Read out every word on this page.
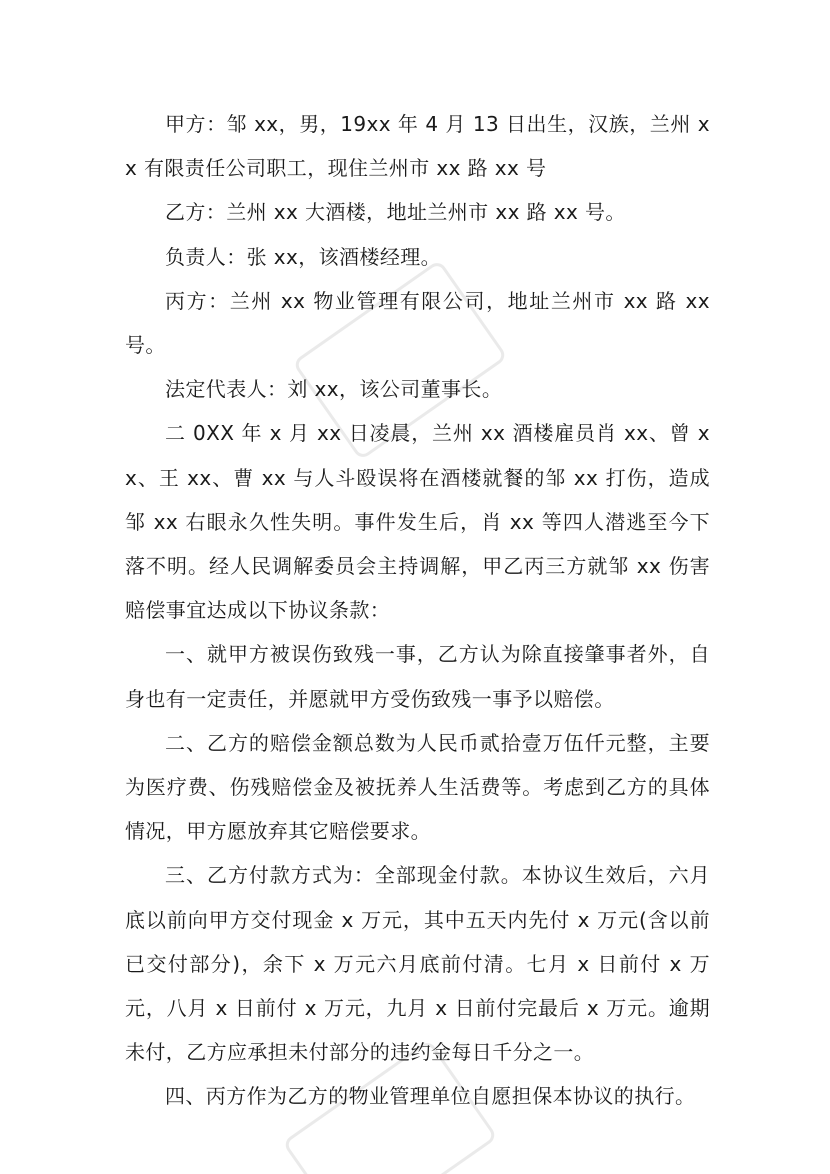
甲方：邹 xx，男，19xx 年 4 月 13 日出生，汉族，兰州 xx 有限责任公司职工，现住兰州市 xx 路 xx 号

乙方：兰州 xx 大酒楼，地址兰州市 xx 路 xx 号。

负责人：张 xx，该酒楼经理。

丙方：兰州 xx 物业管理有限公司，地址兰州市 xx 路 xx 号。

法定代表人：刘 xx，该公司董事长。

二 0XX 年 x 月 xx 日凌晨，兰州 xx 酒楼雇员肖 xx、曾 xx、王 xx、曹 xx 与人斗殴误将在酒楼就餐的邹 xx 打伤，造成邹 xx 右眼永久性失明。事件发生后，肖 xx 等四人潜逃至今下落不明。经人民调解委员会主持调解，甲乙丙三方就邹 xx 伤害赔偿事宜达成以下协议条款：

一、就甲方被误伤致残一事，乙方认为除直接肇事者外，自身也有一定责任，并愿就甲方受伤致残一事予以赔偿。

二、乙方的赔偿金额总数为人民币贰拾壹万伍仟元整，主要为医疗费、伤残赔偿金及被抚养人生活费等。考虑到乙方的具体情况，甲方愿放弃其它赔偿要求。

三、乙方付款方式为：全部现金付款。本协议生效后，六月底以前向甲方交付现金 x 万元，其中五天内先付 x 万元(含以前已交付部分)，余下 x 万元六月底前付清。七月 x 日前付 x 万元，八月 x 日前付 x 万元，九月 x 日前付完最后 x 万元。逾期未付，乙方应承担未付部分的违约金每日千分之一。

四、丙方作为乙方的物业管理单位自愿担保本协议的执行。
